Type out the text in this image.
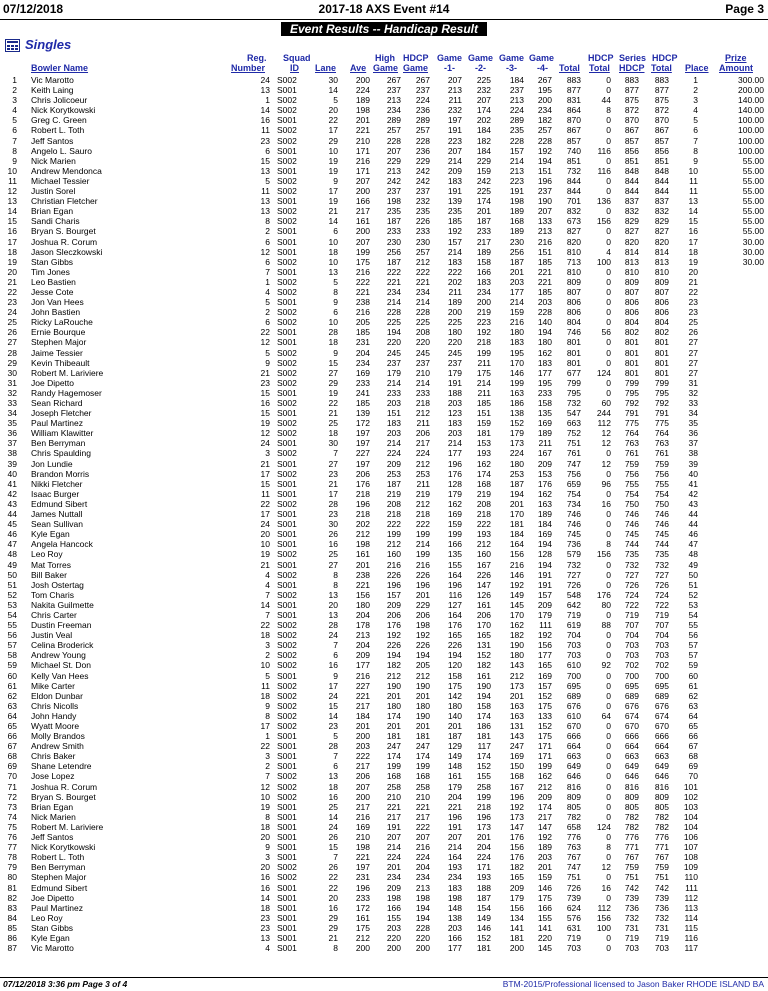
07/12/2018	2017-18 AXS Event #14	Page 3
Event Results -- Handicap Result
Singles
Bowler Name
Reg.
Number
Squad
ID Lane Ave
High
Game
HDCP
Game
Game
-1-
Game
-2-
Game
-3-
Game
-4- Total
HDCP
Total
Series
HDCP
HDCP
Total Place
Prize
Amount
1 Vic Marotto	24 S002	30	200	267	267	207	225	184	267	883	0	883	883	1	300.00
2 Keith Laing	13 S001	14	224	237	237	213	232	237	195	877	0	877	877	2	200.00
3 Chris Jolicoeur	1 S002	5	189	213	224	211	207	213	200	831	44	875	875	3	140.00
4 Nick Korytkowski	14 S002	20	198	234	236	232	174	224	234	864	8	872	872	4	140.00
5 Greg C. Green	16 S001	22	201	289	289	197	202	289	182	870	0	870	870	5	100.00
6 Robert L. Toth	11 S002	17	221	257	257	191	184	235	257	867	0	867	867	6	100.00
7 Jeff Santos	23 S002	29	210	228	228	223	182	228	228	857	0	857	857	7	100.00
8 Angelo L. Sauro	6 S001	10	171	207	236	207	184	157	192	740	116	856	856	8	100.00
9 Nick Marien	15 S002	19	216	229	229	214	229	214	194	851	0	851	851	9	55.00
10 Andrew Mendonca	13 S001	19	171	213	242	209	159	213	151	732	116	848	848	10	55.00
11 Michael Tessier	5 S002	9	207	242	242	183	242	223	196	844	0	844	844	11	55.00
12 Justin Sorel	11 S002	17	200	237	237	191	225	191	237	844	0	844	844	11	55.00
13 Christian Fletcher	13 S001	19	166	198	232	139	174	198	190	701	136	837	837	13	55.00
14 Brian Egan	13 S002	21	217	235	235	235	201	189	207	832	0	832	832	14	55.00
15 Sandi Charis	8 S002	14	161	187	226	185	187	168	133	673	156	829	829	15	55.00
16 Bryan S. Bourget	2 S001	6	200	233	233	192	233	189	213	827	0	827	827	16	55.00
17 Joshua R. Corum	6 S001	10	207	230	230	157	217	230	216	820	0	820	820	17	30.00
18 Jason Sleczkowski	12 S001	18	199	256	257	214	189	256	151	810	4	814	814	18	30.00
19 Stan Gibbs	6 S002	10	175	187	212	183	158	187	185	713	100	813	813	19	30.00
20 Tim Jones	7 S001	13	216	222	222	222	166	201	221	810	0	810	810	20
21 Leo Bastien	1 S002	5	222	221	221	202	183	203	221	809	0	809	809	21
22 Jesse Cote	4 S002	8	221	234	234	211	234	177	185	807	0	807	807	22
23 Jon Van Hees	5 S001	9	238	214	214	189	200	214	203	806	0	806	806	23
24 John Bastien	2 S002	6	216	228	228	200	219	159	228	806	0	806	806	23
25 Ricky LaRouche	6 S002	10	205	225	225	225	223	216	140	804	0	804	804	25
26 Ernie Bourque	22 S001	28	185	194	208	180	192	180	194	746	56	802	802	26
27 Stephen Major	12 S001	18	231	220	220	220	218	183	180	801	0	801	801	27
28 Jaime Tessier	5 S002	9	204	245	245	245	199	195	162	801	0	801	801	27
29 Kevin Thibeault	9 S002	15	234	237	237	237	211	170	183	801	0	801	801	27
30 Robert M. Lariviere	21 S002	27	169	179	210	179	175	146	177	677	124	801	801	27
31 Joe Dipetto	23 S002	29	233	214	214	191	214	199	195	799	0	799	799	31
32 Randy Hagemoser	15 S001	19	241	233	233	188	211	163	233	795	0	795	795	32
33 Sean Richard	16 S002	22	185	203	218	203	185	186	158	732	60	792	792	33
34 Joseph Fletcher	15 S001	21	139	151	212	123	151	138	135	547	244	791	791	34
35 Paul Martinez	19 S002	25	172	183	211	183	159	152	169	663	112	775	775	35
36 William Klawitter	12 S002	18	197	203	206	203	181	179	189	752	12	764	764	36
37 Ben Berryman	24 S001	30	197	214	217	214	153	173	211	751	12	763	763	37
38 Chris Spaulding	3 S002	7	227	224	224	177	193	224	167	761	0	761	761	38
39 Jon Lundie	21 S001	27	197	209	212	196	162	180	209	747	12	759	759	39
40 Brandon Morris	17 S002	23	206	253	253	176	174	253	153	756	0	756	756	40
41 Nikki Fletcher	15 S001	21	176	187	211	128	168	187	176	659	96	755	755	41
42 Isaac Burger	11 S001	17	218	219	219	179	219	194	162	754	0	754	754	42
43 Edmund Sibert	22 S002	28	196	208	212	162	208	201	163	734	16	750	750	43
44 James Nuttall	17 S001	23	218	218	218	169	218	170	189	746	0	746	746	44
45 Sean Sullivan	24 S001	30	202	222	222	159	222	181	184	746	0	746	746	44
46 Kyle Egan	20 S001	26	212	199	199	199	193	184	169	745	0	745	745	46
47 Angela Hancock	10 S001	16	198	212	214	166	212	164	194	736	8	744	744	47
48 Leo Roy	19 S002	25	161	160	199	135	160	156	128	579	156	735	735	48
49 Mat Torres	21 S001	27	201	216	216	155	167	216	194	732	0	732	732	49
50 Bill Baker	4 S002	8	238	226	226	164	226	146	191	727	0	727	727	50
51 Josh Ostertag	4 S001	8	221	196	196	196	147	192	191	726	0	726	726	51
52 Tom Charis	7 S002	13	156	157	201	116	126	149	157	548	176	724	724	52
53 Nakita Guilmette	14 S001	20	180	209	229	127	161	145	209	642	80	722	722	53
54 Chris Carter	7 S001	13	204	206	206	164	206	170	179	719	0	719	719	54
55 Dustin Freeman	22 S002	28	178	176	198	176	170	162	111	619	88	707	707	55
56 Justin Veal	18 S002	24	213	192	192	165	165	182	192	704	0	704	704	56
57 Celina Broderick	3 S002	7	204	226	226	226	131	190	156	703	0	703	703	57
58 Andrew Young	2 S002	6	209	194	194	194	152	180	177	703	0	703	703	57
59 Michael St. Don	10 S002	16	177	182	205	120	182	143	165	610	92	702	702	59
60 Kelly Van Hees	5 S001	9	216	212	212	158	161	212	169	700	0	700	700	60
61 Mike Carter	11 S002	17	227	190	190	175	190	173	157	695	0	695	695	61
62 Eldon Dunbar	18 S002	24	221	201	201	142	194	201	152	689	0	689	689	62
63 Chris Nicolls	9 S002	15	217	180	180	180	158	163	175	676	0	676	676	63
64 John Handy	8 S002	14	184	174	190	140	174	163	133	610	64	674	674	64
65 Wyatt Moore	17 S002	23	201	201	201	201	186	131	152	670	0	670	670	65
66 Molly Brandos	1 S001	5	200	181	181	187	181	143	175	666	0	666	666	66
67 Andrew Smith	22 S001	28	203	247	247	129	117	247	171	664	0	664	664	67
68 Chris Baker	3 S001	7	222	174	174	149	174	169	171	663	0	663	663	68
69 Shane Letendre	2 S001	6	217	199	199	148	152	150	199	649	0	649	649	69
70 Jose Lopez	7 S002	13	206	168	168	161	155	168	162	646	0	646	646	70
71 Joshua R. Corum	12 S002	18	207	258	258	179	258	167	212	816	0	816	816	101
72 Bryan S. Bourget	10 S002	16	200	210	210	204	199	196	209	809	0	809	809	102
73 Brian Egan	19 S001	25	217	221	221	221	218	192	174	805	0	805	805	103
74 Nick Marien	8 S001	14	216	217	217	196	196	173	217	782	0	782	782	104
75 Robert M. Lariviere	18 S001	24	169	191	222	191	173	147	147	658	124	782	782	104
76 Jeff Santos	20 S001	26	210	207	207	207	201	176	192	776	0	776	776	106
77 Nick Korytkowski	9 S001	15	198	214	216	214	204	156	189	763	8	771	771	107
78 Robert L. Toth	3 S001	7	221	224	224	164	224	176	203	767	0	767	767	108
79 Ben Berryman	20 S002	26	197	201	204	193	171	182	201	747	12	759	759	109
80 Stephen Major	16 S002	22	231	234	234	234	193	165	159	751	0	751	751	110
81 Edmund Sibert	16 S001	22	196	209	213	183	188	209	146	726	16	742	742	111
82 Joe Dipetto	14 S001	20	233	198	198	198	187	179	175	739	0	739	739	112
83 Paul Martinez	18 S001	16	172	166	194	148	154	156	166	624	112	736	736	113
84 Leo Roy	23 S001	29	161	155	194	138	149	134	155	576	156	732	732	114
85 Stan Gibbs	23 S001	29	175	203	228	203	146	141	141	631	100	731	731	115
86 Kyle Egan	13 S001	21	212	220	220	166	152	181	220	719	0	719	719	116
87 Vic Marotto	4 S001	8	200	200	200	177	181	200	145	703	0	703	703	117
07/12/2018 3:36 pm Page 3 of 4	BTM-2015/Professional licensed to Jason Baker RHODE ISLAND BA
